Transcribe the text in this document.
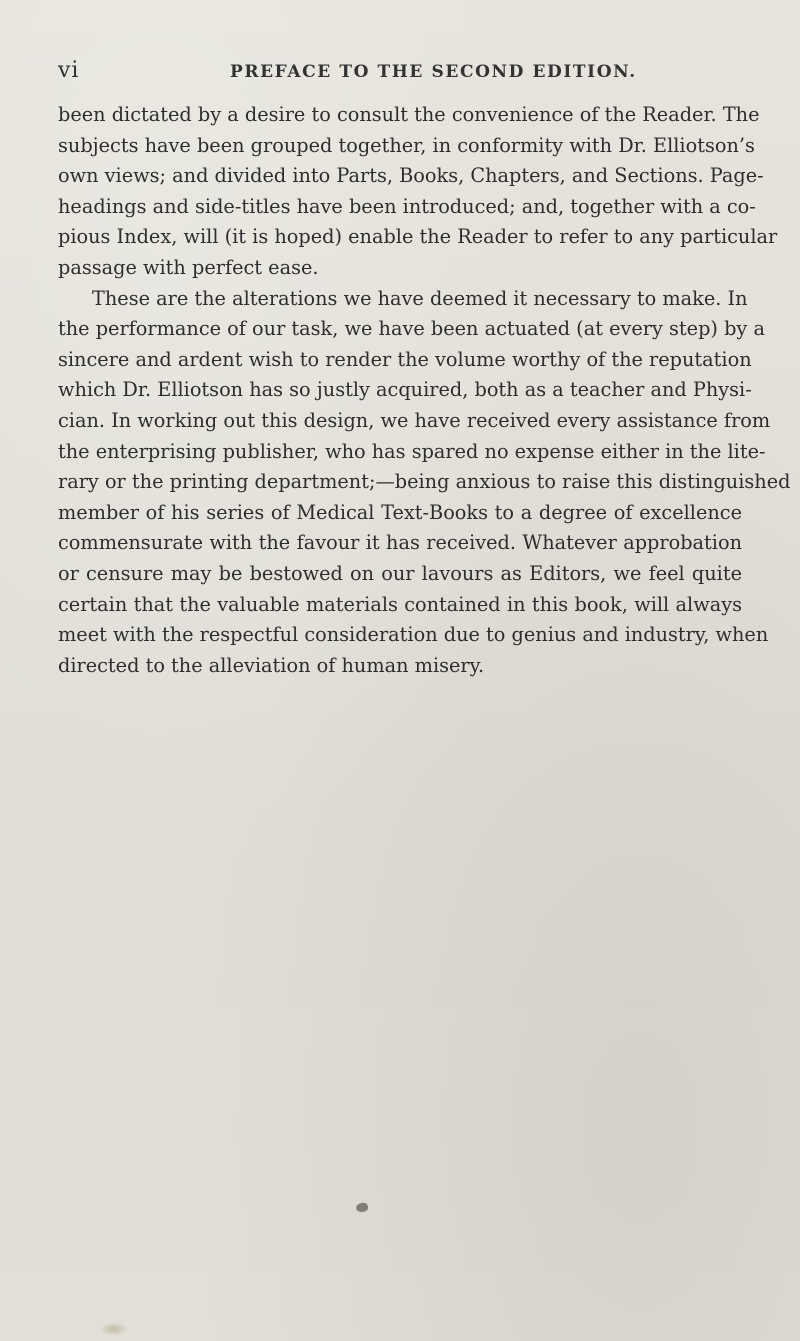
vi	PREFACE TO THE SECOND EDITION.
been dictated by a desire to consult the convenience of the Reader. The
subjects have been grouped together, in conformity with Dr. Elliotson’s
own views; and divided into Parts, Books, Chapters, and Sections. Page-
headings and side-titles have been introduced; and, together with a co-
pious Index, will (it is hoped) enable the Reader to refer to any particular
passage with perfect ease.
These are the alterations we have deemed it necessary to make. In
the performance of our task, we have been actuated (at every step) by a
sincere and ardent wish to render the volume worthy of the reputation
which Dr. Elliotson has so justly acquired, both as a teacher and Physi-
cian. In working out this design, we have received every assistance from
the enterprising publisher, who has spared no expense either in the lite-
rary or the printing department;—being anxious to raise this distinguished
member of his series of Medical Text-Books to a degree of excellence
commensurate with the favour it has received. Whatever approbation
or censure may be bestowed on our lavours as Editors, we feel quite
certain that the valuable materials contained in this book, will always
meet with the respectful consideration due to genius and industry, when
directed to the alleviation of human misery.
